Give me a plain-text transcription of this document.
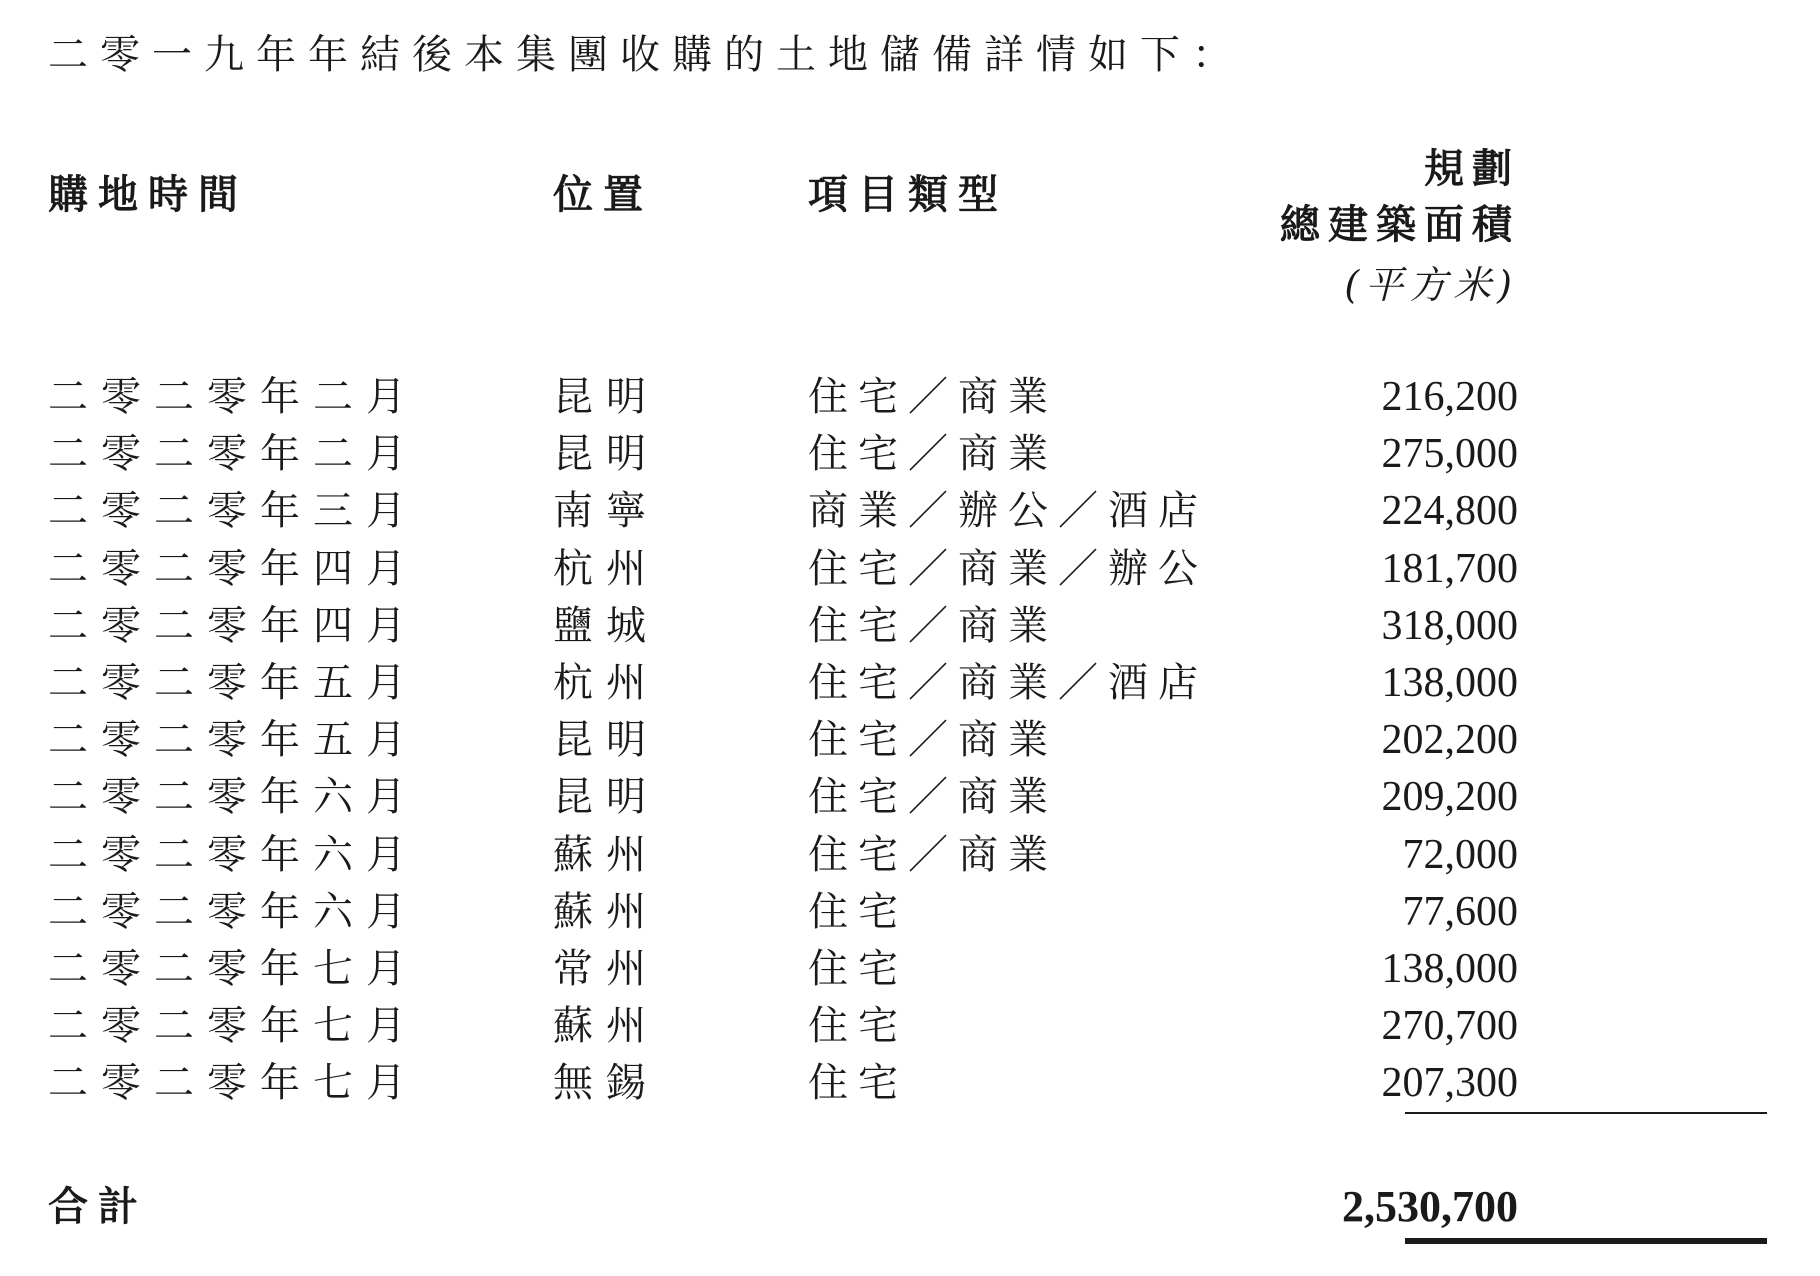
二零一九年年結後本集團收購的土地儲備詳情如下：
購地時間	位置	項目類型
規劃
總建築面積
(平方米)
二零二零年二月	昆明	住宅／商業	216,200
二零二零年二月	昆明	住宅／商業	275,000
二零二零年三月	南寧	商業／辦公／酒店	224,800
二零二零年四月	杭州	住宅／商業／辦公	181,700
二零二零年四月	鹽城	住宅／商業	318,000
二零二零年五月	杭州	住宅／商業／酒店	138,000
二零二零年五月	昆明	住宅／商業	202,200
二零二零年六月	昆明	住宅／商業	209,200
二零二零年六月	蘇州	住宅／商業	72,000
二零二零年六月	蘇州	住宅	77,600
二零二零年七月	常州	住宅	138,000
二零二零年七月	蘇州	住宅	270,700
二零二零年七月	無錫	住宅	207,300
合計	2,530,700
